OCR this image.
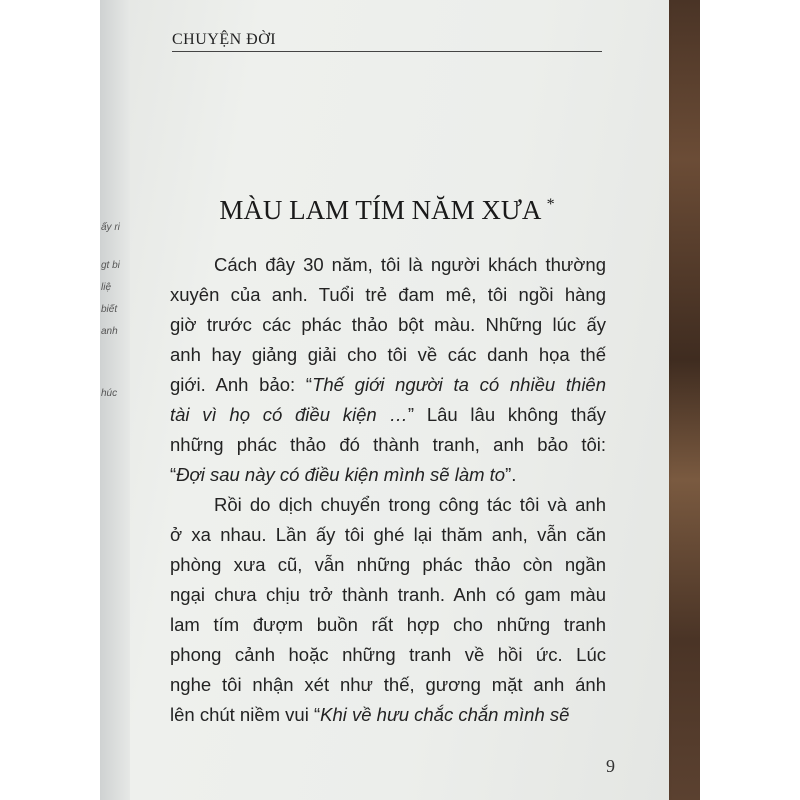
ấy ri
gt bi
liệ
biết
anh
húc
CHUYỆN ĐỜI
MÀU LAM TÍM NĂM XƯA *
Cách đây 30 năm, tôi là người khách thường
xuyên của anh. Tuổi trẻ đam mê, tôi ngồi hàng
giờ trước các phác thảo bột màu. Những lúc ấy
anh hay giảng giải cho tôi về các danh họa thế
giới. Anh bảo: “Thế giới người ta có nhiều thiên
tài vì họ có điều kiện …” Lâu lâu không thấy
những phác thảo đó thành tranh, anh bảo tôi:
“Đợi sau này có điều kiện mình sẽ làm to”.
Rồi do dịch chuyển trong công tác tôi và anh
ở xa nhau. Lần ấy tôi ghé lại thăm anh, vẫn căn
phòng xưa cũ, vẫn những phác thảo còn ngần
ngại chưa chịu trở thành tranh. Anh có gam màu
lam tím đượm buồn rất hợp cho những tranh
phong cảnh hoặc những tranh về hồi ức. Lúc
nghe tôi nhận xét như thế, gương mặt anh ánh
lên chút niềm vui “Khi về hưu chắc chắn mình sẽ
9
